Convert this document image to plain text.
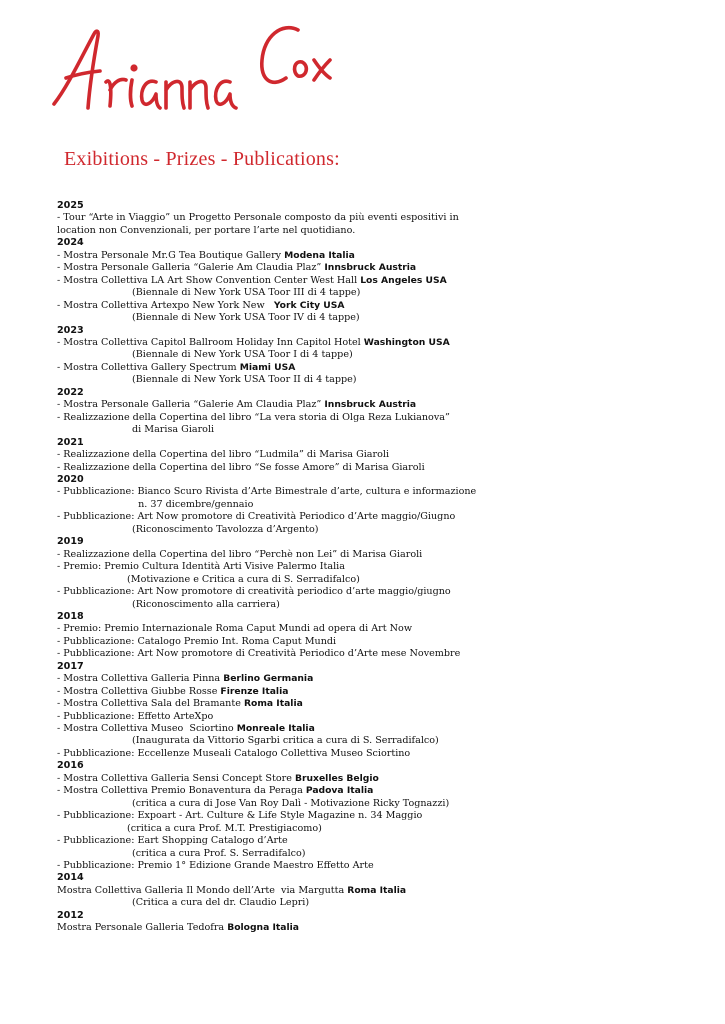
Exibitions - Prizes - Publications:
2025
- Tour “Arte in Viaggio” un Progetto Personale composto da più eventi espositivi in
location non Convenzionali, per portare l’arte nel quotidiano.
2024
- Mostra Personale Mr.G Tea Boutique Gallery Modena Italia
- Mostra Personale Galleria “Galerie Am Claudia Plaz” Innsbruck Austria
- Mostra Collettiva LA Art Show Convention Center West Hall Los Angeles USA
(Biennale di New York USA Toor III di 4 tappe)
- Mostra Collettiva Artexpo New York New   York City USA
(Biennale di New York USA Toor IV di 4 tappe)
2023
- Mostra Collettiva Capitol Ballroom Holiday Inn Capitol Hotel Washington USA
(Biennale di New York USA Toor I di 4 tappe)
- Mostra Collettiva Gallery Spectrum Miami USA
(Biennale di New York USA Toor II di 4 tappe)
2022
- Mostra Personale Galleria “Galerie Am Claudia Plaz” Innsbruck Austria
- Realizzazione della Copertina del libro “La vera storia di Olga Reza Lukianova”
di Marisa Giaroli
2021
- Realizzazione della Copertina del libro “Ludmila” di Marisa Giaroli
- Realizzazione della Copertina del libro “Se fosse Amore” di Marisa Giaroli
2020
- Pubblicazione: Bianco Scuro Rivista d’Arte Bimestrale d’arte, cultura e informazione
n. 37 dicembre/gennaio
- Pubblicazione: Art Now promotore di Creatività Periodico d’Arte maggio/Giugno
(Riconoscimento Tavolozza d’Argento)
2019
- Realizzazione della Copertina del libro “Perchè non Lei” di Marisa Giaroli
- Premio: Premio Cultura Identità Arti Visive Palermo Italia
(Motivazione e Critica a cura di S. Serradifalco)
- Pubblicazione: Art Now promotore di creatività periodico d’arte maggio/giugno
(Riconoscimento alla carriera)
2018
- Premio: Premio Internazionale Roma Caput Mundi ad opera di Art Now
- Pubblicazione: Catalogo Premio Int. Roma Caput Mundi
- Pubblicazione: Art Now promotore di Creatività Periodico d’Arte mese Novembre
2017
- Mostra Collettiva Galleria Pinna Berlino Germania
- Mostra Collettiva Giubbe Rosse Firenze Italia
- Mostra Collettiva Sala del Bramante Roma Italia
- Pubblicazione: Effetto ArteXpo
- Mostra Collettiva Museo  Sciortino Monreale Italia
(Inaugurata da Vittorio Sgarbi critica a cura di S. Serradifalco)
- Pubblicazione: Eccellenze Museali Catalogo Collettiva Museo Sciortino
2016
- Mostra Collettiva Galleria Sensi Concept Store Bruxelles Belgio
- Mostra Collettiva Premio Bonaventura da Peraga Padova Italia
(critica a cura di Jose Van Roy Dalì - Motivazione Ricky Tognazzi)
- Pubblicazione: Expoart - Art. Culture & Life Style Magazine n. 34 Maggio
(critica a cura Prof. M.T. Prestigiacomo)
- Pubblicazione: Eart Shopping Catalogo d’Arte
(critica a cura Prof. S. Serradifalco)
- Pubblicazione: Premio 1° Edizione Grande Maestro Effetto Arte
2014
Mostra Collettiva Galleria Il Mondo dell’Arte  via Margutta Roma Italia
(Critica a cura del dr. Claudio Lepri)
2012
Mostra Personale Galleria Tedofra Bologna Italia
